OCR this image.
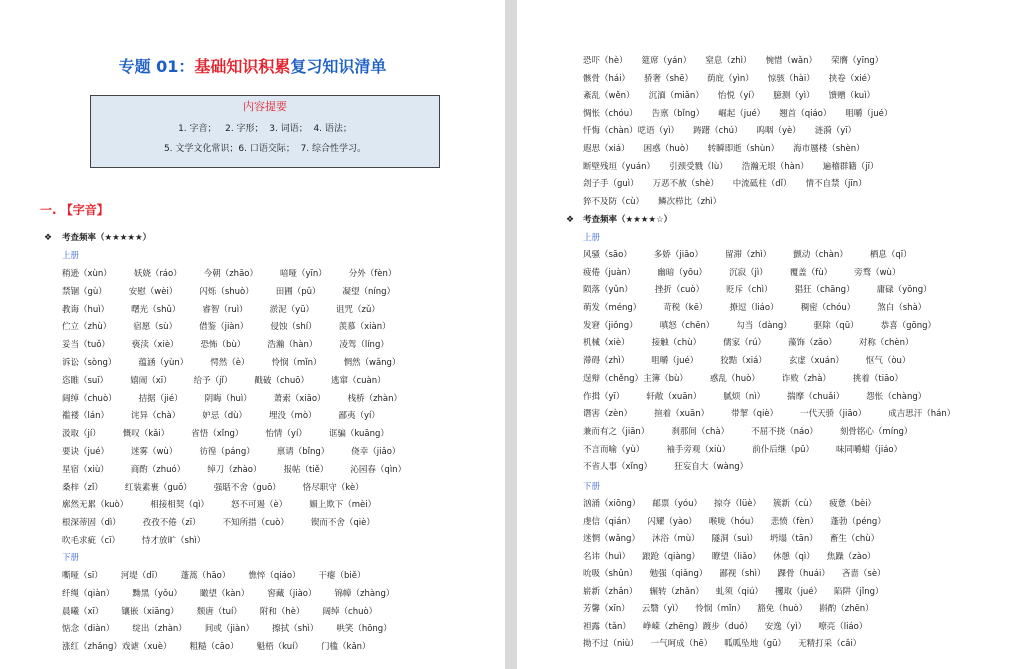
专题 01：基础知识积累复习知识清单
内容提要
1. 字音；   2. 字形；  3. 词语；  4. 语法；
5. 文学文化常识；6. 口语交际；  7. 综合性学习。
一. 【字音】
❖
考查频率（★★★★★）
上册
稍逊（xùn）	妖娆（ráo）	今朝（zhāo）	喑哑（yīn）	分外（fèn）
禁锢（gù）	安慰（wèi）	闪烁（shuò）	田圃（pǔ）	凝望（níng）
教诲（huì）	曙光（shǔ）	睿智（ruì）	淤泥（yū）	诅咒（zǔ）
伫立（zhù）	宿愿（sù）	借鉴（jiàn）	侵蚀（shí）	羡慕（xiàn）
妥当（tuǒ）	亵渎（xiè）	恐怖（bù）	浩瀚（hàn）	凌驾（líng）
诉讼（sòng）	蕴涵（yùn）	愕然（è）	怜悯（mǐn）	惘然（wǎng）
恣睢（suī）	嬉闹（xī）	给予（jǐ）	戳破（chuō）	逃窜（cuàn）
阔绰（chuò）	拮据（jié）	阴晦（huì）	萧索（xiāo）	栈桥（zhàn）
褴褛（lán）	诧异（chà）	妒忌（dù）	埋没（mò）	鄙夷（yí）
汲取（jí）	慨叹（kǎi）	省悟（xǐng）	怡情（yí）	诓骗（kuāng）
要诀（jué）	迷雾（wù）	彷徨（páng）	禀请（bǐng）	侥幸（jiǎo）
星宿（xiù）	商酌（zhuó）	绰刀（zhào）	报帖（tiě）	沁园春（qìn）
桑梓（zǐ）	红装素裹（guǒ）	强聒不舍（guō）	恪尽职守（kè）
廓然无累（kuò）	相接相契（qì）	怒不可遏（è）	媚上欺下（mèi）
根深蒂固（dì）	孜孜不倦（zī）	不知所措（cuò）	锲而不舍（qiè）
吹毛求疵（cī）	恃才放旷（shì）
下册
嘶哑（sī） 河堤（dī） 蓬蒿（hāo） 憔悴（qiáo） 干瘪（biě）
纤绳（qiàn） 黝黑（yǒu） 瞰望（kàn） 窖藏（jiào） 锦幛（zhàng）
晨曦（xī） 镶嵌（xiāng） 颓唐（tuí） 附和（hè） 阔绰（chuò）
惦念（diàn） 绽出（zhàn） 间或（jiàn） 擦拭（shì） 哄笑（hōng）
涨红（zhǎng）戏谑（xuè） 粗糙（cāo） 魁梧（kuí） 门槛（kǎn）
恐吓（hè） 筵席（yán） 窒息（zhì） 惋惜（wǎn） 荣膺（yīng）
骸骨（hái） 骄奢（shē） 荫庇（yìn） 惊骇（hài） 挟卷（xié）
紊乱（wěn） 沉湎（miǎn） 怡悦（yí） 臆测（yì） 馈赠（kuì）
惆怅（chóu） 告禀（bǐng） 崛起（jué） 翘首（qiáo） 咀嚼（jué）
忏悔（chàn）呓语（yì） 踌躇（chú） 呜咽（yè） 涟漪（yī）
遐思（xiá） 困惑（huò） 转瞬即逝（shùn） 海市蜃楼（shèn）
断壁残垣（yuán） 引颈受戮（lù） 浩瀚无垠（hàn） 遍稽群籍（jī）
刽子手（guì） 万恶不赦（shè） 中流砥柱（dǐ） 情不自禁（jīn）
猝不及防（cù） 鳞次栉比（zhì）
❖
考查频率（★★★★☆）
上册
风骚（sāo）	多娇（jiāo）	留滞（zhì）	颤动（chàn）	栖息（qī）
疲倦（juàn）	幽暗（yōu）	沉寂（jì）	覆盖（fù）	旁骛（wù）
陨落（yǔn）	挫折（cuò）	贬斥（chì）	猖狂（chāng）	庸碌（yōng）
萌发（méng）	苛税（kē）	撩逗（liáo）	稠密（chóu）	煞白（shà）
发窘（jiǒng）	嗔怒（chēn）	勾当（dàng）	驱除（qū）	恭喜（gōng）
机械（xiè）	接触（chù）	儒家（rú）	藻饰（zǎo）	对称（chèn）
滞碍（zhì）	咀嚼（jué）	狡黠（xiá）	玄虚（xuán）	怄气（òu）
逞辩（chěng）主簿（bù）	惑乱（huò）	诈败（zhà）	挑着（tiāo）
作揖（yī）	轩敞（xuān）	腻烦（nì）	揣摩（chuǎi）	怨怅（chàng）
谮害（zèn）	揎着（xuān）	带挈（qiè）	一代天骄（jiāo）	成吉思汗（hán）
兼而有之（jiān）	刹那间（chà）	不屈不挠（náo）	刻骨铭心（míng）
不言而喻（yù）	袖手旁观（xiù）	前仆后继（pū）	味同嚼蜡（jiáo）
不省人事（xǐng）	狂妄自大（wàng）
下册
汹涌（xiōng） 邮票（yóu） 掠夺（lüè） 簇新（cù） 疲惫（bèi）
虔信（qián） 闪耀（yào） 喉咙（hóu） 悲愤（fèn） 蓬勃（péng）
迷惘（wǎng） 沐浴（mù） 隧洞（suì） 坍塌（tān） 畜生（chù）
名讳（huì） 踉跄（qiàng） 瞭望（liǎo） 休憩（qì） 焦躁（zào）
吮吸（shǔn） 勉强（qiǎng） 鄙视（shì） 踝骨（huái） 吝啬（sè）
崭新（zhǎn） 辗转（zhǎn） 虬须（qiú） 攫取（jué） 陷阱（jǐng）
芳馨（xīn） 云翳（yì） 怜悯（mǐn） 豁免（huò） 斟酌（zhēn）
袒露（tǎn） 峥嵘（zhēng）踱步（duó） 安逸（yì） 嘹亮（liáo）
拗不过（niù） 一气呵成（hē） 呱呱坠地（gū） 无精打采（cǎi）
